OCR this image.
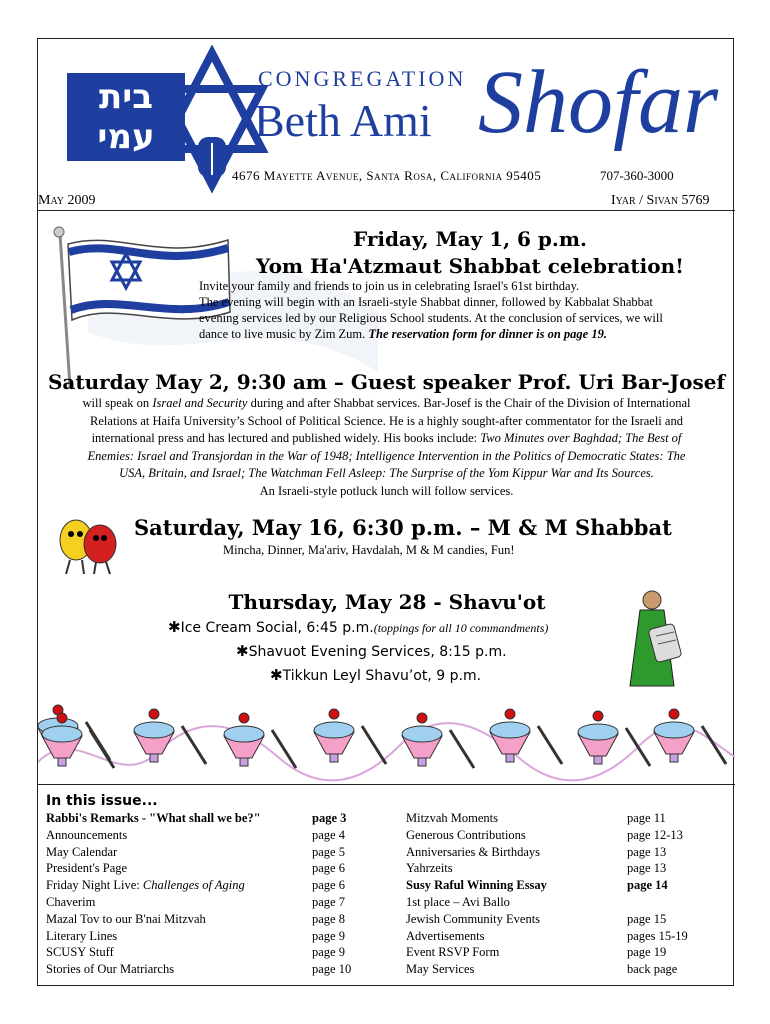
בית
עמי
CONGREGATION
Beth Ami Shofar
4676 Mayette Avenue, Santa Rosa, California 95405	707-360-3000
May 2009	Iyar / Sivan 5769
Friday, May 1, 6 p.m.
Yom Ha'Atzmaut Shabbat celebration!
Invite your family and friends to join us in celebrating Israel's 61st birthday.
The evening will begin with an Israeli-style Shabbat dinner, followed by Kabbalat Shabbat
evening services led by our Religious School students. At the conclusion of services, we will
dance to live music by Zim Zum. The reservation form for dinner is on page 19.
Saturday May 2, 9:30 am – Guest speaker Prof. Uri Bar-Josef
will speak on Israel and Security during and after Shabbat services. Bar-Josef is the Chair of the Division of International
Relations at Haifa University’s School of Political Science. He is a highly sought-after commentator for the Israeli and
international press and has lectured and published widely. His books include: Two Minutes over Baghdad; The Best of
Enemies: Israel and Transjordan in the War of 1948; Intelligence Intervention in the Politics of Democratic States: The
USA, Britain, and Israel; The Watchman Fell Asleep: The Surprise of the Yom Kippur War and Its Sources.
An Israeli-style potluck lunch will follow services.
Saturday, May 16, 6:30 p.m. – M & M Shabbat
Mincha, Dinner, Ma'ariv, Havdalah, M & M candies, Fun!
Thursday, May 28 - Shavu'ot
✱Ice Cream Social, 6:45 p.m.(toppings for all 10 commandments)
✱Shavuot Evening Services, 8:15 p.m.
✱Tikkun Leyl Shavu’ot, 9 p.m.
In this issue...
Rabbi's Remarks - "What shall we be?"
Announcements
May Calendar
President's Page
Friday Night Live: Challenges of Aging
Chaverim
Mazal Tov to our B'nai Mitzvah
Literary Lines
SCUSY Stuff
Stories of Our Matriarchs
page 3
page 4
page 5
page 6
page 6
page 7
page 8
page 9
page 9
page 10
Mitzvah Moments
Generous Contributions
Anniversaries & Birthdays
Yahrzeits
Susy Raful Winning Essay
1st place – Avi Ballo
Jewish Community Events
Advertisements
Event RSVP Form
May Services
page 11
page 12-13
page 13
page 13
page 14

page 15
pages 15-19
page 19
back page
